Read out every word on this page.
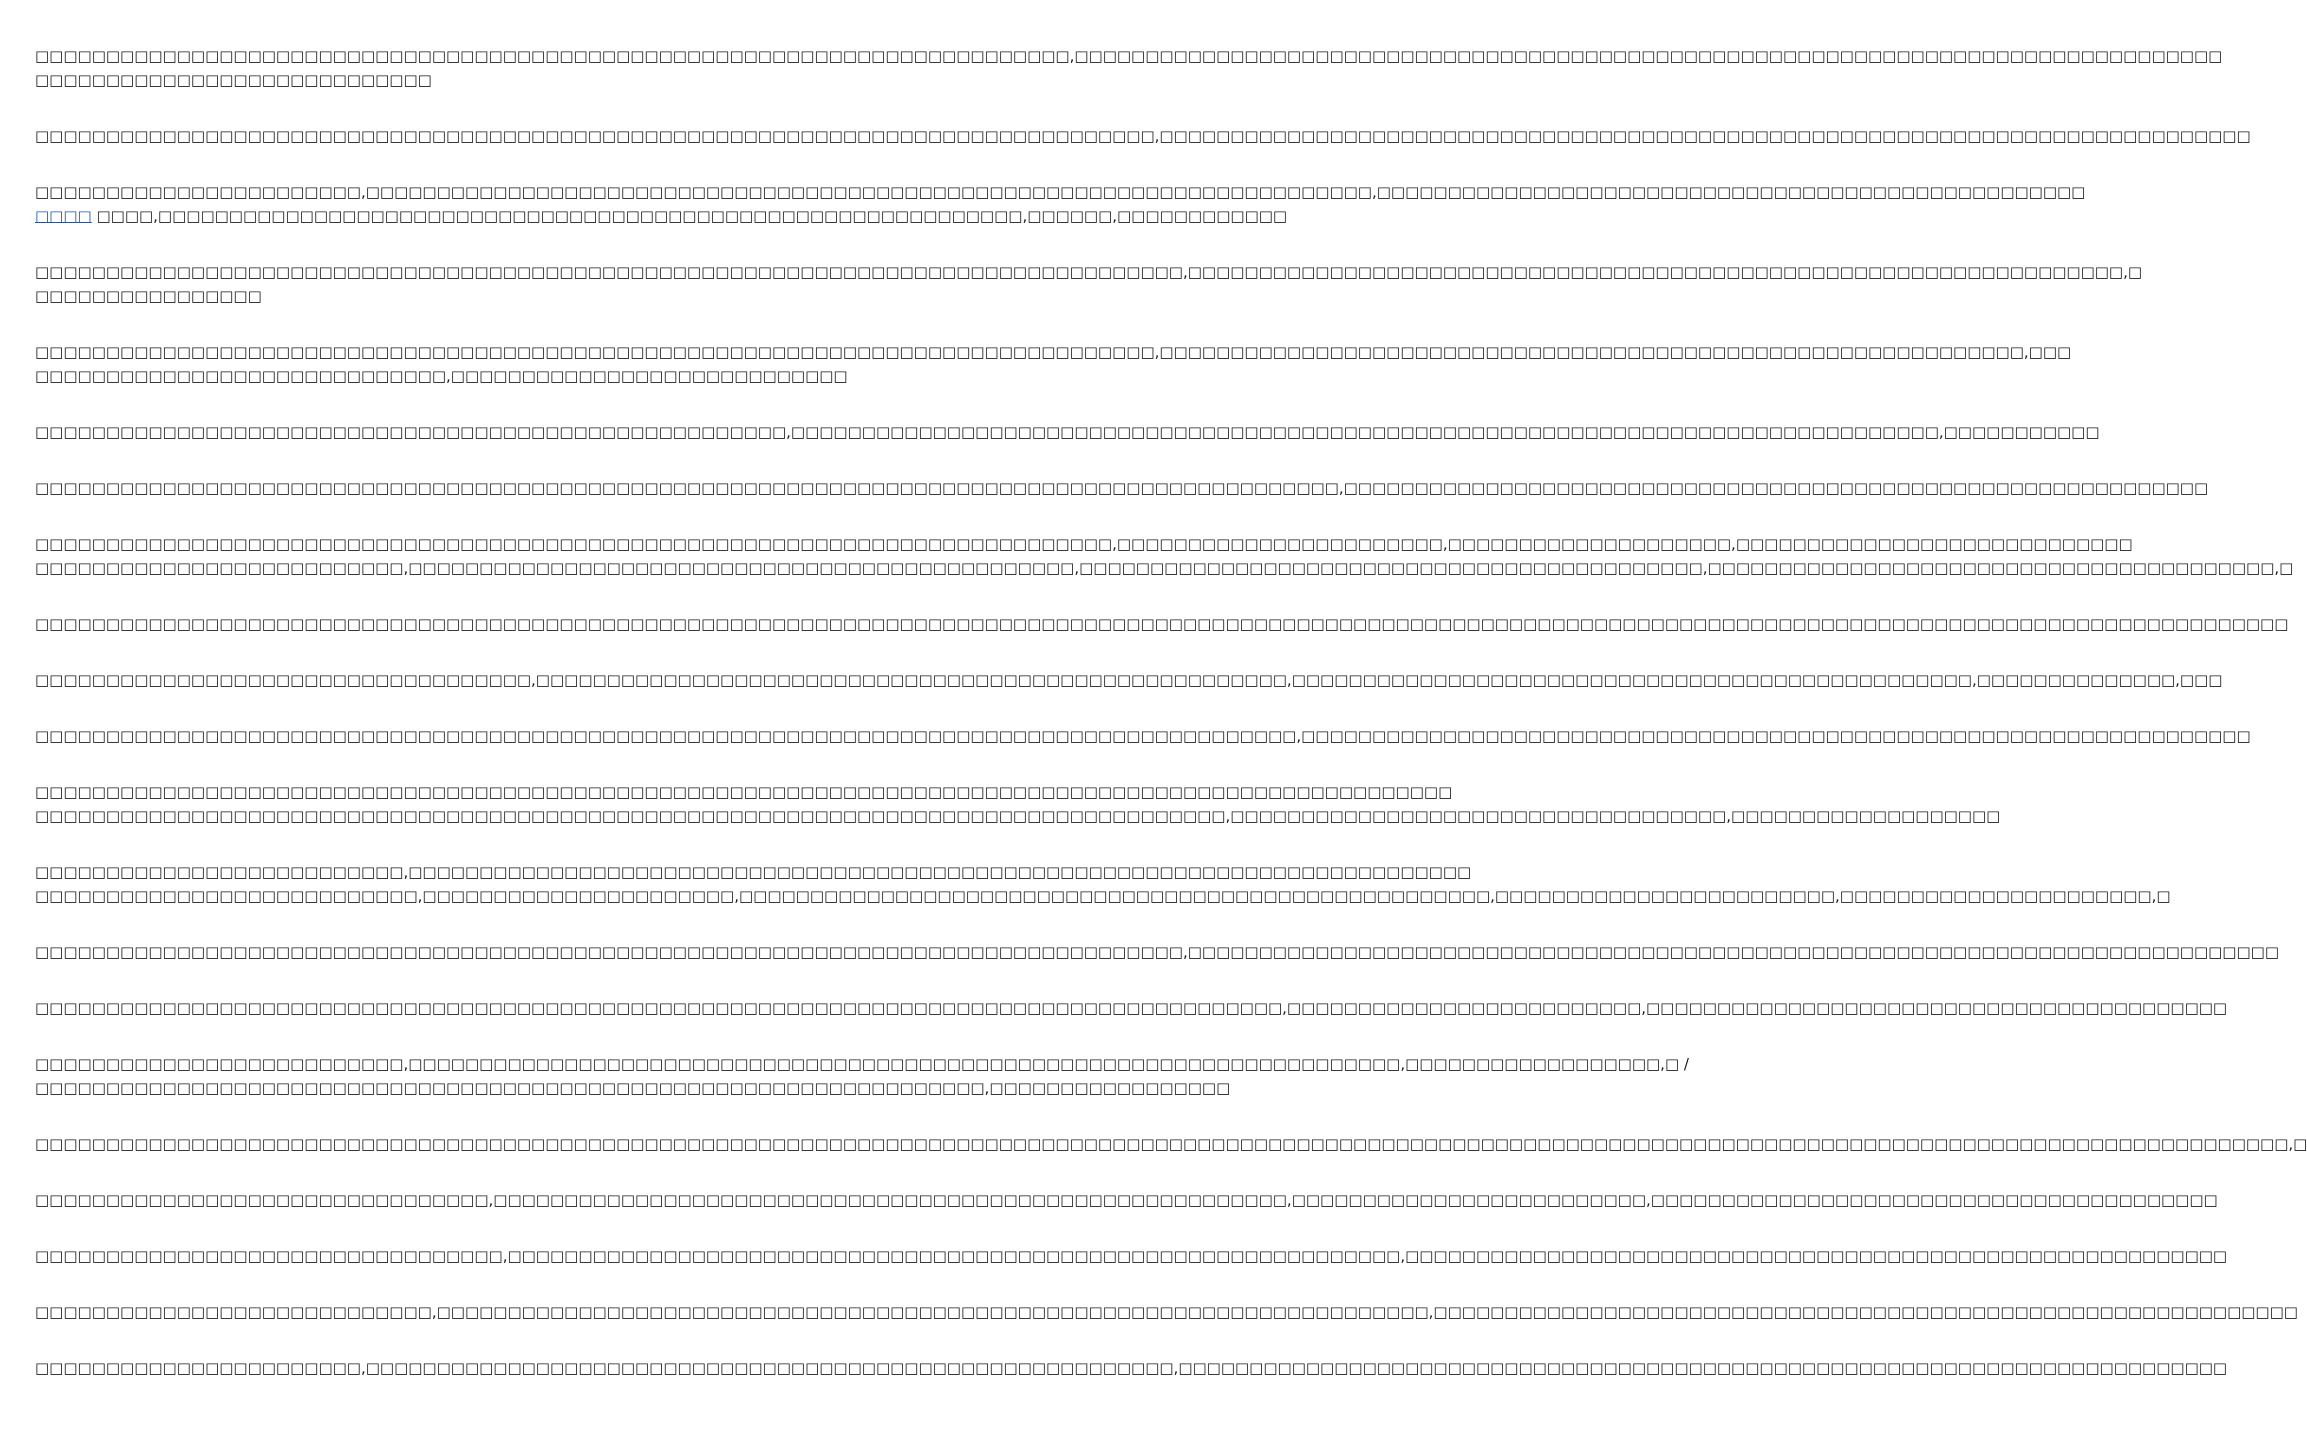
□□□□□□□□□□□□□□□□□□□□□□□□□□□□□□□□□□□□□□□□□□□□□□□□□□□□□□□□□□□□□□□□□□□□□□□□□,□□□□□□□□□□□□□□□□□□□□□□□□□□□□□□□□□□□□□□□□□□□□□□□□□□□□□□□□□□□□□□□□□□□□□□□□□□□□□□□□□
□□□□□□□□□□□□□□□□□□□□□□□□□□□□
□□□□□□□□□□□□□□□□□□□□□□□□□□□□□□□□□□□□□□□□□□□□□□□□□□□□□□□□□□□□□□□□□□□□□□□□□□□□□□□,□□□□□□□□□□□□□□□□□□□□□□□□□□□□□□□□□□□□□□□□□□□□□□□□□□□□□□□□□□□□□□□□□□□□□□□□□□□□□
□□□□□□□□□□□□□□□□□□□□□□□,□□□□□□□□□□□□□□□□□□□□□□□□□□□□□□□□□□□□□□□□□□□□□□□□□□□□□□□□□□□□□□□□□□□□□□□,□□□□□□□□□□□□□□□□□□□□□□□□□□□□□□□□□□□□□□□□□□□□□□□□□□
□□□□ □□□□,□□□□□□□□□□□□□□□□□□□□□□□□□□□□□□□□□□□□□□□□□□□□□□□□□□□□□□□□□□□□□,□□□□□□,□□□□□□□□□□□□
□□□□□□□□□□□□□□□□□□□□□□□□□□□□□□□□□□□□□□□□□□□□□□□□□□□□□□□□□□□□□□□□□□□□□□□□□□□□□□□□□,□□□□□□□□□□□□□□□□□□□□□□□□□□□□□□□□□□□□□□□□□□□□□□□□□□□□□□□□□□□□□□□□□□,□
□□□□□□□□□□□□□□□□
□□□□□□□□□□□□□□□□□□□□□□□□□□□□□□□□□□□□□□□□□□□□□□□□□□□□□□□□□□□□□□□□□□□□□□□□□□□□□□□,□□□□□□□□□□□□□□□□□□□□□□□□□□□□□□□□□□□□□□□□□□□□□□□□□□□□□□□□□□□□□,□□□
□□□□□□□□□□□□□□□□□□□□□□□□□□□□□,□□□□□□□□□□□□□□□□□□□□□□□□□□□□
□□□□□□□□□□□□□□□□□□□□□□□□□□□□□□□□□□□□□□□□□□□□□□□□□□□□□,□□□□□□□□□□□□□□□□□□□□□□□□□□□□□□□□□□□□□□□□□□□□□□□□□□□□□□□□□□□□□□□□□□□□□□□□□□□□□□□□□,□□□□□□□□□□□
□□□□□□□□□□□□□□□□□□□□□□□□□□□□□□□□□□□□□□□□□□□□□□□□□□□□□□□□□□□□□□□□□□□□□□□□□□□□□□□□□□□□□□□□□□□□,□□□□□□□□□□□□□□□□□□□□□□□□□□□□□□□□□□□□□□□□□□□□□□□□□□□□□□□□□□□□□
□□□□□□□□□□□□□□□□□□□□□□□□□□□□□□□□□□□□□□□□□□□□□□□□□□□□□□□□□□□□□□□□□□□□□□□□□□□□,□□□□□□□□□□□□□□□□□□□□□□□,□□□□□□□□□□□□□□□□□□□□,□□□□□□□□□□□□□□□□□□□□□□□□□□□□
□□□□□□□□□□□□□□□□□□□□□□□□□□,□□□□□□□□□□□□□□□□□□□□□□□□□□□□□□□□□□□□□□□□□□□□□□□,□□□□□□□□□□□□□□□□□□□□□□□□□□□□□□□□□□□□□□□□□□□□,□□□□□□□□□□□□□□□□□□□□□□□□□□□□□□□□□□□□□□□□,□
□□□□□□□□□□□□□□□□□□□□□□□□□□□□□□□□□□□□□□□□□□□□□□□□□□□□□□□□□□□□□□□□□□□□□□□□□□□□□□□□□□□□□□□□□□□□□□□□□□□□□□□□□□□□□□□□□□□□□□□□□□□□□□□□□□□□□□□□□□□□□□□□□□□□□□□□□□□□□□□
□□□□□□□□□□□□□□□□□□□□□□□□□□□□□□□□□□□,□□□□□□□□□□□□□□□□□□□□□□□□□□□□□□□□□□□□□□□□□□□□□□□□□□□□□,□□□□□□□□□□□□□□□□□□□□□□□□□□□□□□□□□□□□□□□□□□□□□□□□,□□□□□□□□□□□□□□,□□□
□□□□□□□□□□□□□□□□□□□□□□□□□□□□□□□□□□□□□□□□□□□□□□□□□□□□□□□□□□□□□□□□□□□□□□□□□□□□□□□□□□□□□□□□□,□□□□□□□□□□□□□□□□□□□□□□□□□□□□□□□□□□□□□□□□□□□□□□□□□□□□□□□□□□□□□□□□□□□
□□□□□□□□□□□□□□□□□□□□□□□□□□□□□□□□□□□□□□□□□□□□□□□□□□□□□□□□□□□□□□□□□□□□□□□□□□□□□□□□□□□□□□□□□□□□□□□□□□□□
□□□□□□□□□□□□□□□□□□□□□□□□□□□□□□□□□□□□□□□□□□□□□□□□□□□□□□□□□□□□□□□□□□□□□□□□□□□□□□□□□□□□,□□□□□□□□□□□□□□□□□□□□□□□□□□□□□□□□□□□,□□□□□□□□□□□□□□□□□□□
□□□□□□□□□□□□□□□□□□□□□□□□□□,□□□□□□□□□□□□□□□□□□□□□□□□□□□□□□□□□□□□□□□□□□□□□□□□□□□□□□□□□□□□□□□□□□□□□□□□□□□
□□□□□□□□□□□□□□□□□□□□□□□□□□□,□□□□□□□□□□□□□□□□□□□□□□,□□□□□□□□□□□□□□□□□□□□□□□□□□□□□□□□□□□□□□□□□□□□□□□□□□□□□,□□□□□□□□□□□□□□□□□□□□□□□□,□□□□□□□□□□□□□□□□□□□□□□,□
□□□□□□□□□□□□□□□□□□□□□□□□□□□□□□□□□□□□□□□□□□□□□□□□□□□□□□□□□□□□□□□□□□□□□□□□□□□□□□□□□,□□□□□□□□□□□□□□□□□□□□□□□□□□□□□□□□□□□□□□□□□□□□□□□□□□□□□□□□□□□□□□□□□□□□□□□□□□□□□
□□□□□□□□□□□□□□□□□□□□□□□□□□□□□□□□□□□□□□□□□□□□□□□□□□□□□□□□□□□□□□□□□□□□□□□□□□□□□□□□□□□□□□□□,□□□□□□□□□□□□□□□□□□□□□□□□□,□□□□□□□□□□□□□□□□□□□□□□□□□□□□□□□□□□□□□□□□□
□□□□□□□□□□□□□□□□□□□□□□□□□□,□□□□□□□□□□□□□□□□□□□□□□□□□□□□□□□□□□□□□□□□□□□□□□□□□□□□□□□□□□□□□□□□□□□□□□,□□□□□□□□□□□□□□□□□□,□ /
□□□□□□□□□□□□□□□□□□□□□□□□□□□□□□□□□□□□□□□□□□□□□□□□□□□□□□□□□□□□□□□□□□□,□□□□□□□□□□□□□□□□□
□□□□□□□□□□□□□□□□□□□□□□□□□□□□□□□□□□□□□□□□□□□□□□□□□□□□□□□□□□□□□□□□□□□□□□□□□□□□□□□□□□□□□□□□□□□□□□□□□□□□□□□□□□□□□□□□□□□□□□□□□□□□□□□□□□□□□□□□□□□□□□□□□□□□□□□□□□□□□□□,□
□□□□□□□□□□□□□□□□□□□□□□□□□□□□□□□□,□□□□□□□□□□□□□□□□□□□□□□□□□□□□□□□□□□□□□□□□□□□□□□□□□□□□□□□□,□□□□□□□□□□□□□□□□□□□□□□□□□,□□□□□□□□□□□□□□□□□□□□□□□□□□□□□□□□□□□□□□□□
□□□□□□□□□□□□□□□□□□□□□□□□□□□□□□□□□,□□□□□□□□□□□□□□□□□□□□□□□□□□□□□□□□□□□□□□□□□□□□□□□□□□□□□□□□□□□□□□□,□□□□□□□□□□□□□□□□□□□□□□□□□□□□□□□□□□□□□□□□□□□□□□□□□□□□□□□□□□
□□□□□□□□□□□□□□□□□□□□□□□□□□□□,□□□□□□□□□□□□□□□□□□□□□□□□□□□□□□□□□□□□□□□□□□□□□□□□□□□□□□□□□□□□□□□□□□□□□□,□□□□□□□□□□□□□□□□□□□□□□□□□□□□□□□□□□□□□□□□□□□□□□□□□□□□□□□□□□□□□
□□□□□□□□□□□□□□□□□□□□□□□,□□□□□□□□□□□□□□□□□□□□□□□□□□□□□□□□□□□□□□□□□□□□□□□□□□□□□□□□□,□□□□□□□□□□□□□□□□□□□□□□□□□□□□□□□□□□□□□□□□□□□□□□□□□□□□□□□□□□□□□□□□□□□□□□□□□□
